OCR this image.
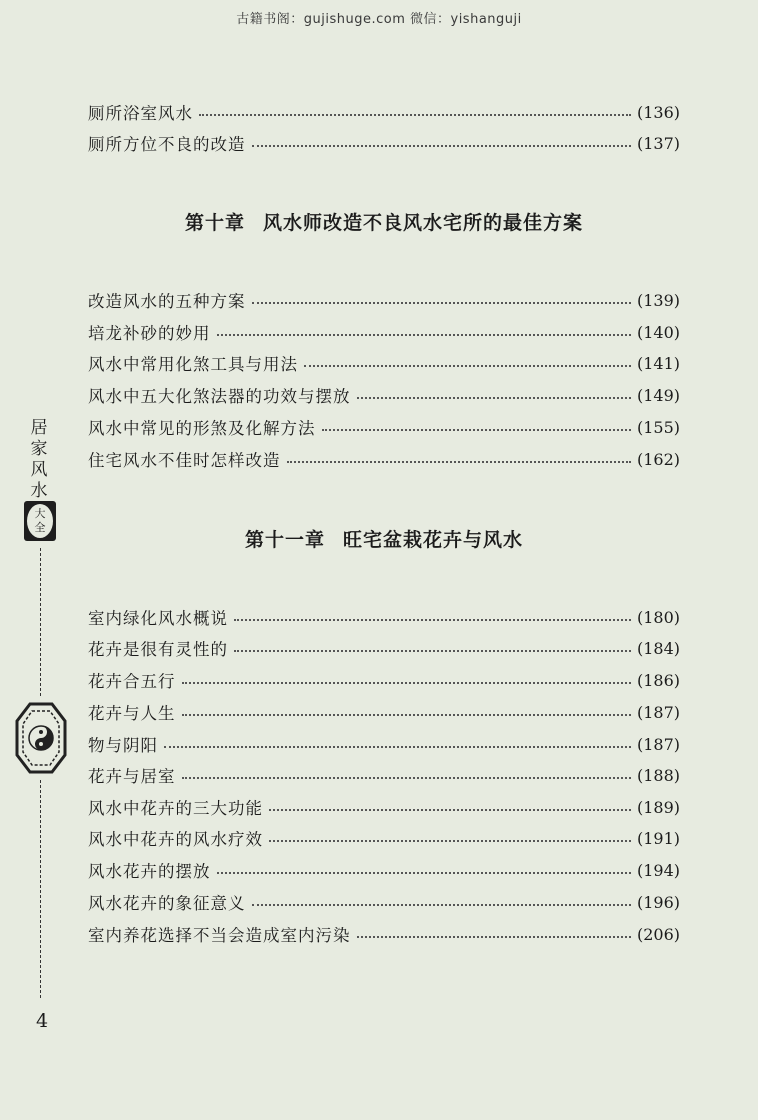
古籍书阁：gujishuge.com 微信：yishanguji
厕所浴室风水	(136)
厕所方位不良的改造	(137)
第十章 风水师改造不良风水宅所的最佳方案
改造风水的五种方案	(139)
培龙补砂的妙用	(140)
风水中常用化煞工具与用法	(141)
风水中五大化煞法器的功效与摆放	(149)
风水中常见的形煞及化解方法	(155)
住宅风水不佳时怎样改造	(162)
第十一章 旺宅盆栽花卉与风水
室内绿化风水概说	(180)
花卉是很有灵性的	(184)
花卉合五行	(186)
花卉与人生	(187)
物与阴阳	(187)
花卉与居室	(188)
风水中花卉的三大功能	(189)
风水中花卉的风水疗效	(191)
风水花卉的摆放	(194)
风水花卉的象征意义	(196)
室内养花选择不当会造成室内污染	(206)
居
家
风
水
大
全
4
